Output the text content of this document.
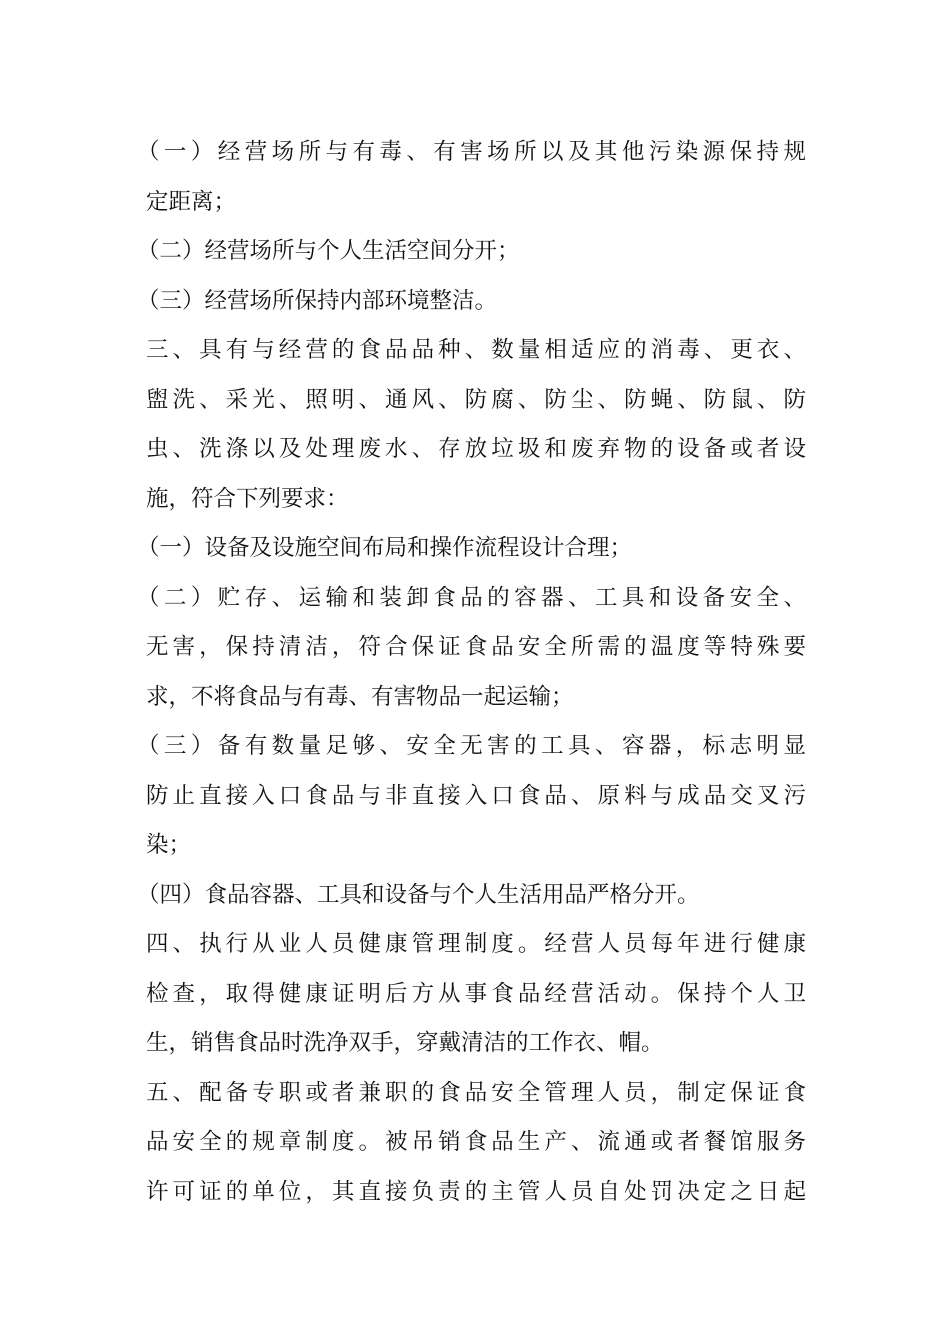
（一）经营场所与有毒、有害场所以及其他污染源保持规
定距离；
（二）经营场所与个人生活空间分开；
（三）经营场所保持内部环境整洁。
三、具有与经营的食品品种、数量相适应的消毒、更衣、
盥洗、采光、照明、通风、防腐、防尘、防蝇、防鼠、防
虫、洗涤以及处理废水、存放垃圾和废弃物的设备或者设
施，符合下列要求：
（一）设备及设施空间布局和操作流程设计合理；
（二）贮存、运输和装卸食品的容器、工具和设备安全、
无害，保持清洁，符合保证食品安全所需的温度等特殊要
求，不将食品与有毒、有害物品一起运输；
（三）备有数量足够、安全无害的工具、容器，标志明显
防止直接入口食品与非直接入口食品、原料与成品交叉污
染；
（四）食品容器、工具和设备与个人生活用品严格分开。
四、执行从业人员健康管理制度。经营人员每年进行健康
检查，取得健康证明后方从事食品经营活动。保持个人卫
生，销售食品时洗净双手，穿戴清洁的工作衣、帽。
五、配备专职或者兼职的食品安全管理人员，制定保证食
品安全的规章制度。被吊销食品生产、流通或者餐馆服务
许可证的单位，其直接负责的主管人员自处罚决定之日起
